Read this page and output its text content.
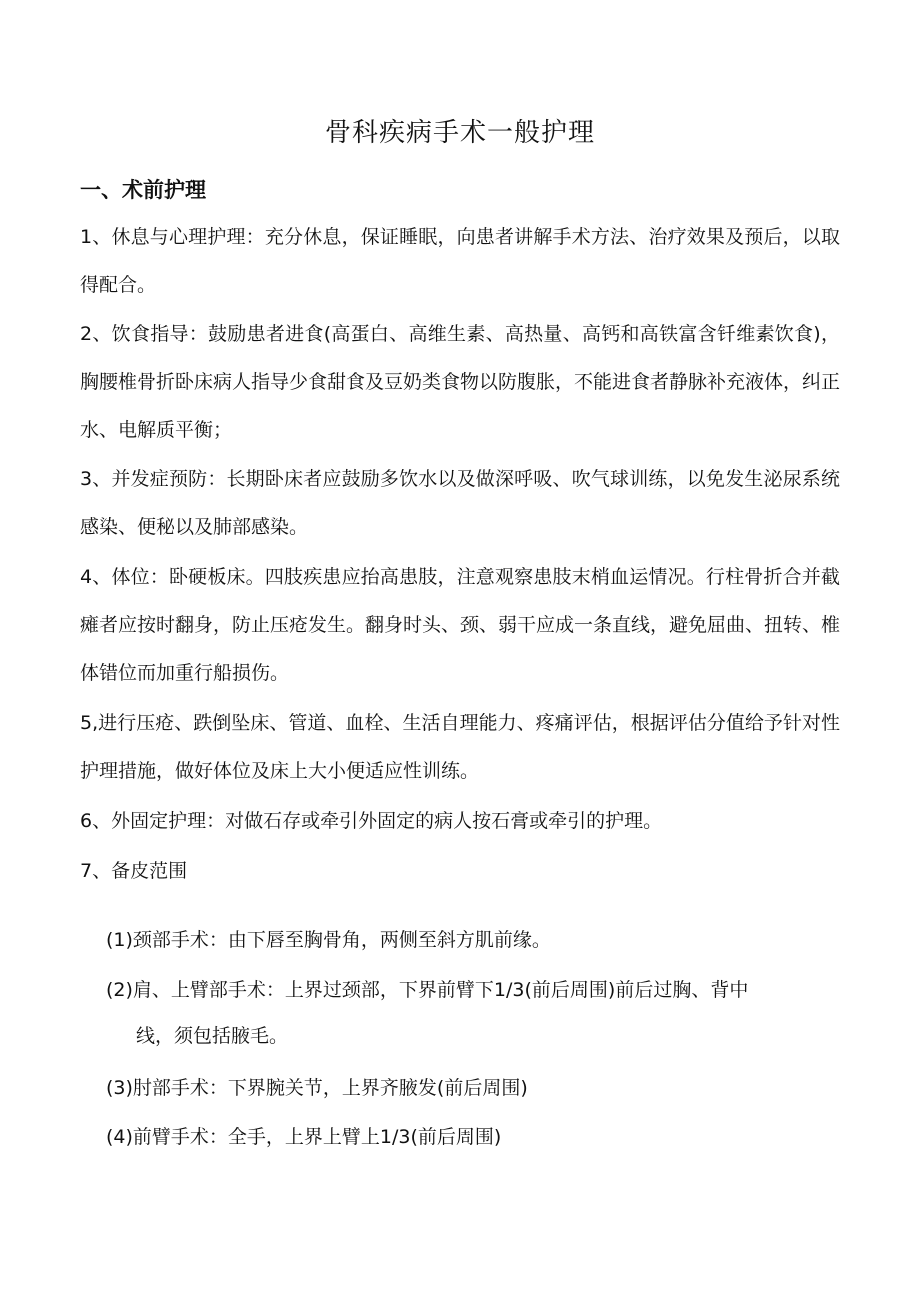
骨科疾病手术一般护理
一、术前护理

1、休息与心理护理：充分休息，保证睡眠，向患者讲解手术方法、治疗效果及预后，以取得配合。

2、饮食指导：鼓励患者进食(高蛋白、高维生素、高热量、高钙和高铁富含钎维素饮食)，胸腰椎骨折卧床病人指导少食甜食及豆奶类食物以防腹胀，不能进食者静脉补充液体，纠正水、电解质平衡；

3、并发症预防：长期卧床者应鼓励多饮水以及做深呼吸、吹气球训练，以免发生泌尿系统感染、便秘以及肺部感染。

4、体位：卧硬板床。四肢疾患应抬高患肢，注意观察患肢末梢血运情况。行柱骨折合并截瘫者应按时翻身，防止压疮发生。翻身时头、颈、弱干应成一条直线，避免屈曲、扭转、椎体错位而加重行船损伤。

5,进行压疮、跌倒坠床、管道、血栓、生活自理能力、疼痛评估，根据评估分值给予针对性护理措施，做好体位及床上大小便适应性训练。

6、外固定护理：对做石存或牵引外固定的病人按石膏或牵引的护理。

7、备皮范围

(1)颈部手术：由下唇至胸骨角，两侧至斜方肌前缘。

(2)肩、上臂部手术：上界过颈部，下界前臂下1/3(前后周围)前后过胸、背中
线，须包括腋毛。

(3)肘部手术：下界腕关节，上界齐腋发(前后周围)

(4)前臂手术：全手，上界上臂上1/3(前后周围)
